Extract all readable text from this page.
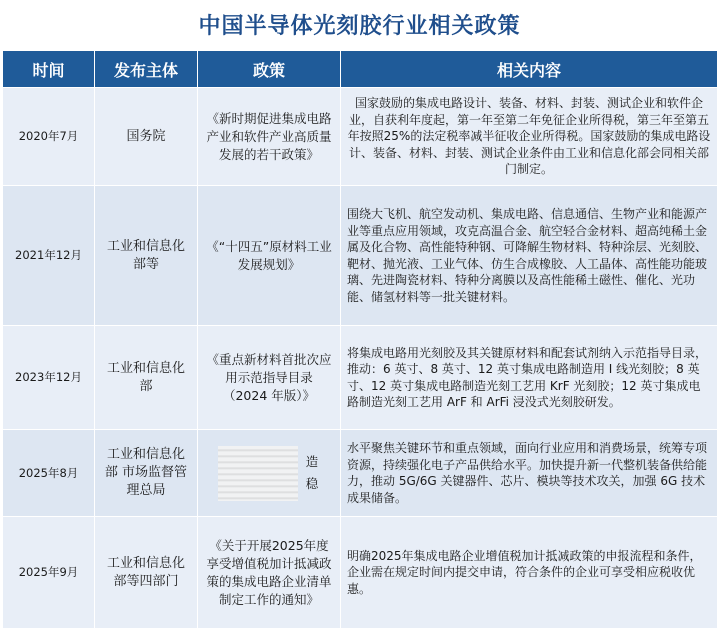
中国半导体光刻胶行业相关政策
时间	发布主体	政策	相关内容
2020年7月	国务院	《新时期促进集成电路产业和软件产业高质量发展的若干政策》	国家鼓励的集成电路设计、装备、材料、封装、测试企业和软件企业，自获利年度起，第一年至第二年免征企业所得税，第三年至第五年按照25%的法定税率减半征收企业所得税。国家鼓励的集成电路设计、装备、材料、封装、测试企业条件由工业和信息化部会同相关部门制定。
2021年12月	工业和信息化部等	《“十四五”原材料工业发展规划》	围绕大飞机、航空发动机、集成电路、信息通信、生物产业和能源产业等重点应用领域，攻克高温合金、航空轻合金材料、超高纯稀土金属及化合物、高性能特种钢、可降解生物材料、特种涂层、光刻胶、靶材、抛光液、工业气体、仿生合成橡胶、人工晶体、高性能功能玻璃、先进陶瓷材料、特种分离膜以及高性能稀土磁性、催化、光功能、储氢材料等一批关键材料。
2023年12月	工业和信息化部	《重点新材料首批次应用示范指导目录（2024 年版）》	将集成电路用光刻胶及其关键原材料和配套试剂纳入示范指导目录，推动：6 英寸、8 英寸、12 英寸集成电路制造用 I 线光刻胶；8 英寸、12 英寸集成电路制造光刻工艺用 KrF 光刻胶；12 英寸集成电路制造光刻工艺用 ArF 和 ArFi 浸没式光刻胶研发。
2025年8月	工业和信息化部 市场监督管理总局	造稳	水平聚焦关键环节和重点领域，面向行业应用和消费场景，统筹专项资源，持续强化电子产品供给水平。加快提升新一代整机装备供给能力，推动 5G/6G 关键器件、芯片、模块等技术攻关，加强 6G 技术成果储备。
2025年9月	工业和信息化部等四部门	《关于开展2025年度享受增值税加计抵减政策的集成电路企业清单制定工作的通知》	明确2025年集成电路企业增值税加计抵减政策的申报流程和条件，企业需在规定时间内提交申请，符合条件的企业可享受相应税收优惠。
